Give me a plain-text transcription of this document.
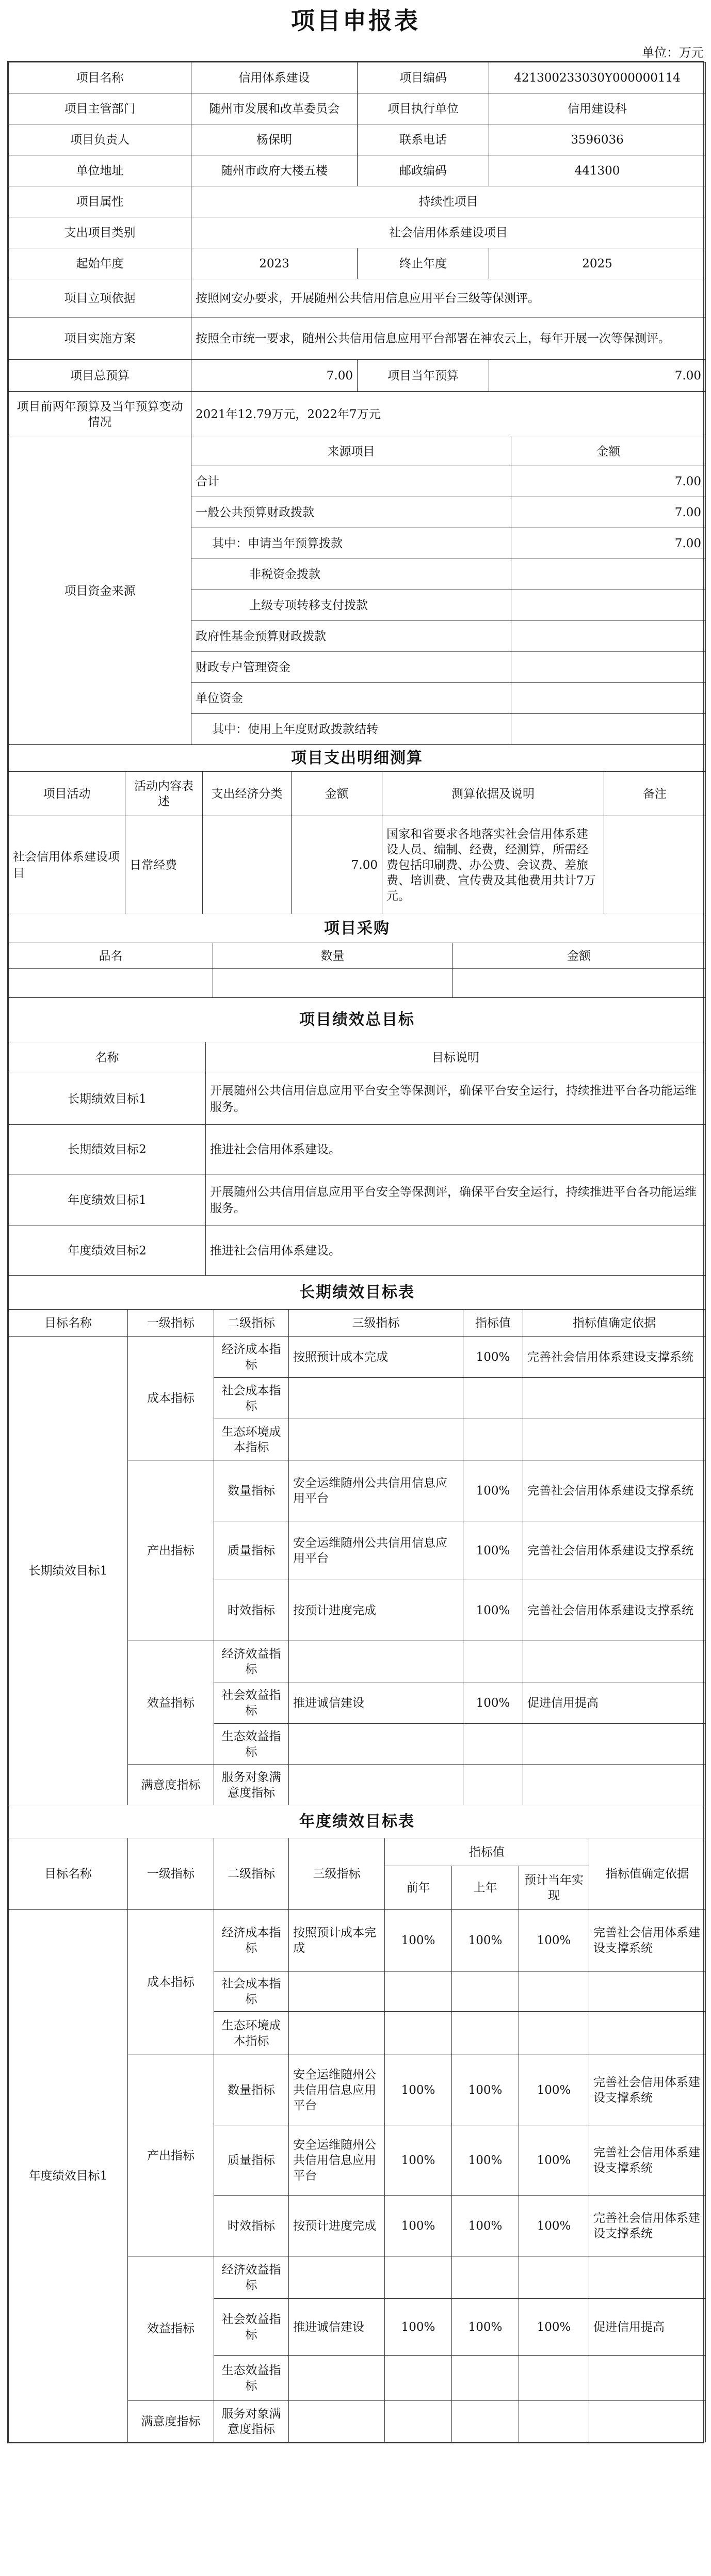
项目申报表
单位：万元
项目名称	信用体系建设	项目编码	421300233030Y000000114
项目主管部门	随州市发展和改革委员会	项目执行单位	信用建设科
项目负责人	杨保明	联系电话	3596036
单位地址	随州市政府大楼五楼	邮政编码	441300
项目属性	持续性项目		
支出项目类别	社会信用体系建设项目		
起始年度	2023	终止年度	2025
项目立项依据	按照网安办要求，开展随州公共信用信息应用平台三级等保测评。		
项目实施方案	按照全市统一要求，随州公共信用信息应用平台部署在神农云上，每年开展一次等保测评。		
项目总预算	7.00	项目当年预算	7.00
项目前两年预算及当年预算变动情况	2021年12.79万元，2022年7万元		
项目资金来源	来源项目	金额
	合计	7.00
	一般公共预算财政拨款	7.00
	其中：申请当年预算拨款	7.00
	非税资金拨款	
	上级专项转移支付拨款	
	政府性基金预算财政拨款	
	财政专户管理资金	
	单位资金	
	其中：使用上年度财政拨款结转	
项目支出明细测算					
项目活动	活动内容表述	支出经济分类	金额	测算依据及说明	备注
社会信用体系建设项目	日常经费		7.00	国家和省要求各地落实社会信用体系建设人员、编制、经费，经测算，所需经费包括印刷费、办公费、会议费、差旅费、培训费、宣传费及其他费用共计7万元。	
项目采购		
品名	数量	金额

项目绩效总目标	
名称	目标说明
长期绩效目标1	开展随州公共信用信息应用平台安全等保测评，确保平台安全运行，持续推进平台各功能运维服务。
长期绩效目标2	推进社会信用体系建设。
年度绩效目标1	开展随州公共信用信息应用平台安全等保测评，确保平台安全运行，持续推进平台各功能运维服务。
年度绩效目标2	推进社会信用体系建设。
长期绩效目标表					
目标名称	一级指标	二级指标	三级指标	指标值	指标值确定依据
长期绩效目标1	成本指标	经济成本指标	按照预计成本完成	100%	完善社会信用体系建设支撑系统
		社会成本指标			
		生态环境成本指标			
	产出指标	数量指标	安全运维随州公共信用信息应用平台	100%	完善社会信用体系建设支撑系统
		质量指标	安全运维随州公共信用信息应用平台	100%	完善社会信用体系建设支撑系统
		时效指标	按预计进度完成	100%	完善社会信用体系建设支撑系统
	效益指标	经济效益指标			
		社会效益指标	推进诚信建设	100%	促进信用提高
		生态效益指标			
	满意度指标	服务对象满意度指标			
年度绩效目标表							
目标名称	一级指标	二级指标	三级指标	指标值			指标值确定依据
				前年	上年	预计当年实现	
年度绩效目标1	成本指标	经济成本指标	按照预计成本完成	100%	100%	100%	完善社会信用体系建设支撑系统
		社会成本指标					
		生态环境成本指标					
	产出指标	数量指标	安全运维随州公共信用信息应用平台	100%	100%	100%	完善社会信用体系建设支撑系统
		质量指标	安全运维随州公共信用信息应用平台	100%	100%	100%	完善社会信用体系建设支撑系统
		时效指标	按预计进度完成	100%	100%	100%	完善社会信用体系建设支撑系统
	效益指标	经济效益指标					
		社会效益指标	推进诚信建设	100%	100%	100%	促进信用提高
		生态效益指标					
	满意度指标	服务对象满意度指标					
